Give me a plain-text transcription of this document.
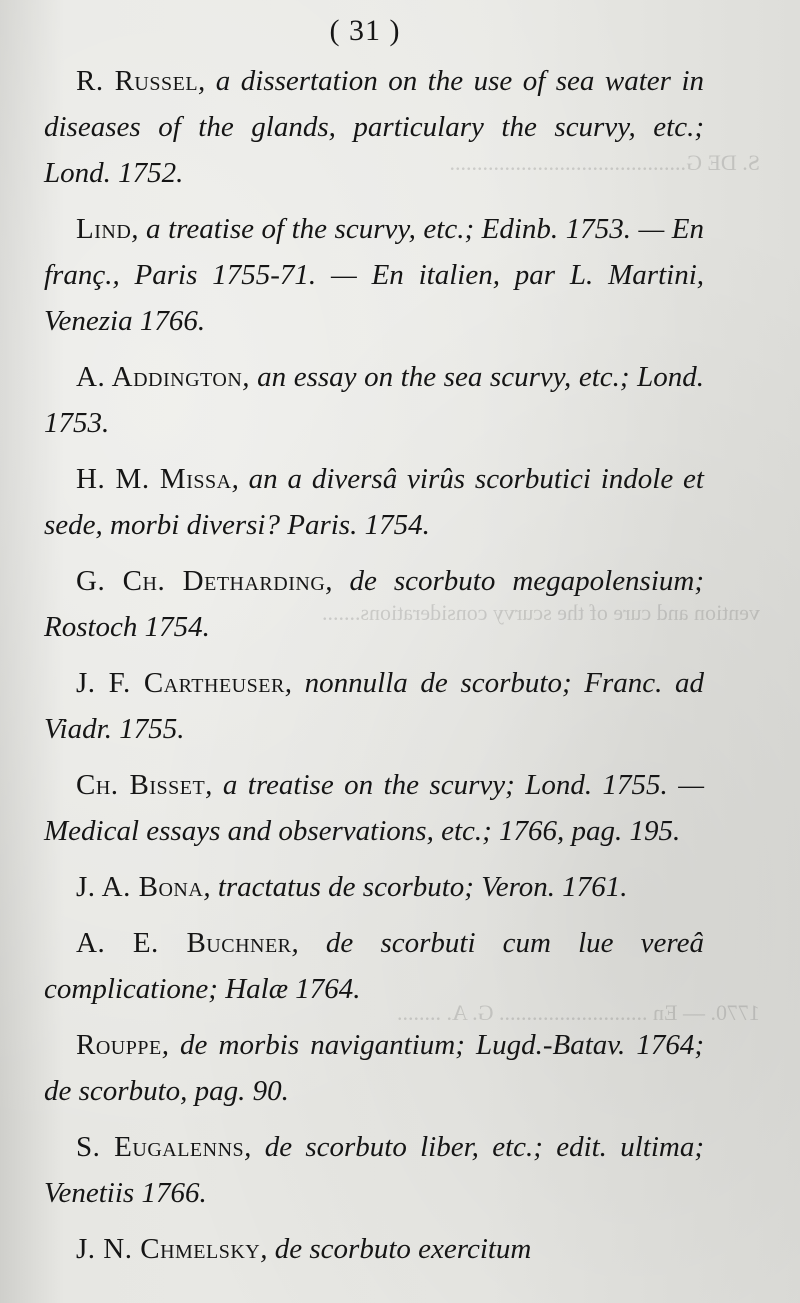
S. DE G...........................................
vention and cure of the scurvy considerations.......
1770. — En ........................... G. A. ........
( 31 )

R. Russel, a dissertation on the use of sea water in diseases of the glands, particulary the scurvy, etc.; Lond. 1752.

Lind, a treatise of the scurvy, etc.; Edinb. 1753. — En franç., Paris 1755-71. — En italien, par L. Martini, Venezia 1766.

A. Addington, an essay on the sea scurvy, etc.; Lond. 1753.

H. M. Missa, an a diversâ virûs scorbutici indole et sede, morbi diversi? Paris. 1754.

G. Ch. Detharding, de scorbuto megapolensium; Rostoch 1754.

J. F. Cartheuser, nonnulla de scorbuto; Franc. ad Viadr. 1755.

Ch. Bisset, a treatise on the scurvy; Lond. 1755. — Medical essays and observations, etc.; 1766, pag. 195.

J. A. Bona, tractatus de scorbuto; Veron. 1761.

A. E. Buchner, de scorbuti cum lue vereâ complicatione; Halæ 1764.

Rouppe, de morbis navigantium; Lugd.-Batav. 1764; de scorbuto, pag. 90.

S. Eugalenns, de scorbuto liber, etc.; edit. ultima; Venetiis 1766.

J. N. Chmelsky, de scorbuto exercitum
